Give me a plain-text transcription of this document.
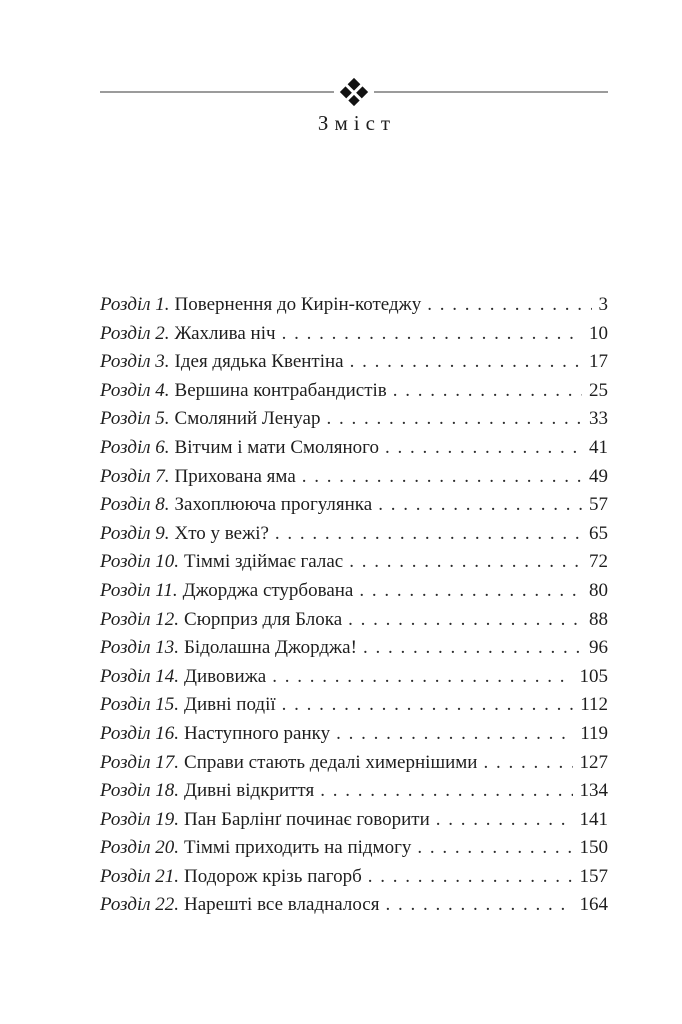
Зміст
Розділ 1. Повернення до Кирін-котеджу . . .	3
Розділ 2. Жахлива ніч . . .	10
Розділ 3. Ідея дядька Квентіна . . .	17
Розділ 4. Вершина контрабандистів . . .	25
Розділ 5. Смоляний Ленуар . . .	33
Розділ 6. Вітчим і мати Смоляного . . .	41
Розділ 7. Прихована яма . . .	49
Розділ 8. Захоплююча прогулянка . . .	57
Розділ 9. Хто у вежі? . . .	65
Розділ 10. Тіммі здіймає галас . . .	72
Розділ 11. Джорджа стурбована . . .	80
Розділ 12. Сюрприз для Блока . . .	88
Розділ 13. Бідолашна Джорджа! . . .	96
Розділ 14. Дивовижа . . .	105
Розділ 15. Дивні події . . .	112
Розділ 16. Наступного ранку . . .	119
Розділ 17. Справи стають дедалі химернішими . . .	127
Розділ 18. Дивні відкриття . . .	134
Розділ 19. Пан Барлінґ починає говорити . . .	141
Розділ 20. Тіммі приходить на підмогу . . .	150
Розділ 21. Подорож крізь пагорб . . .	157
Розділ 22. Нарешті все владналося . . .	164
